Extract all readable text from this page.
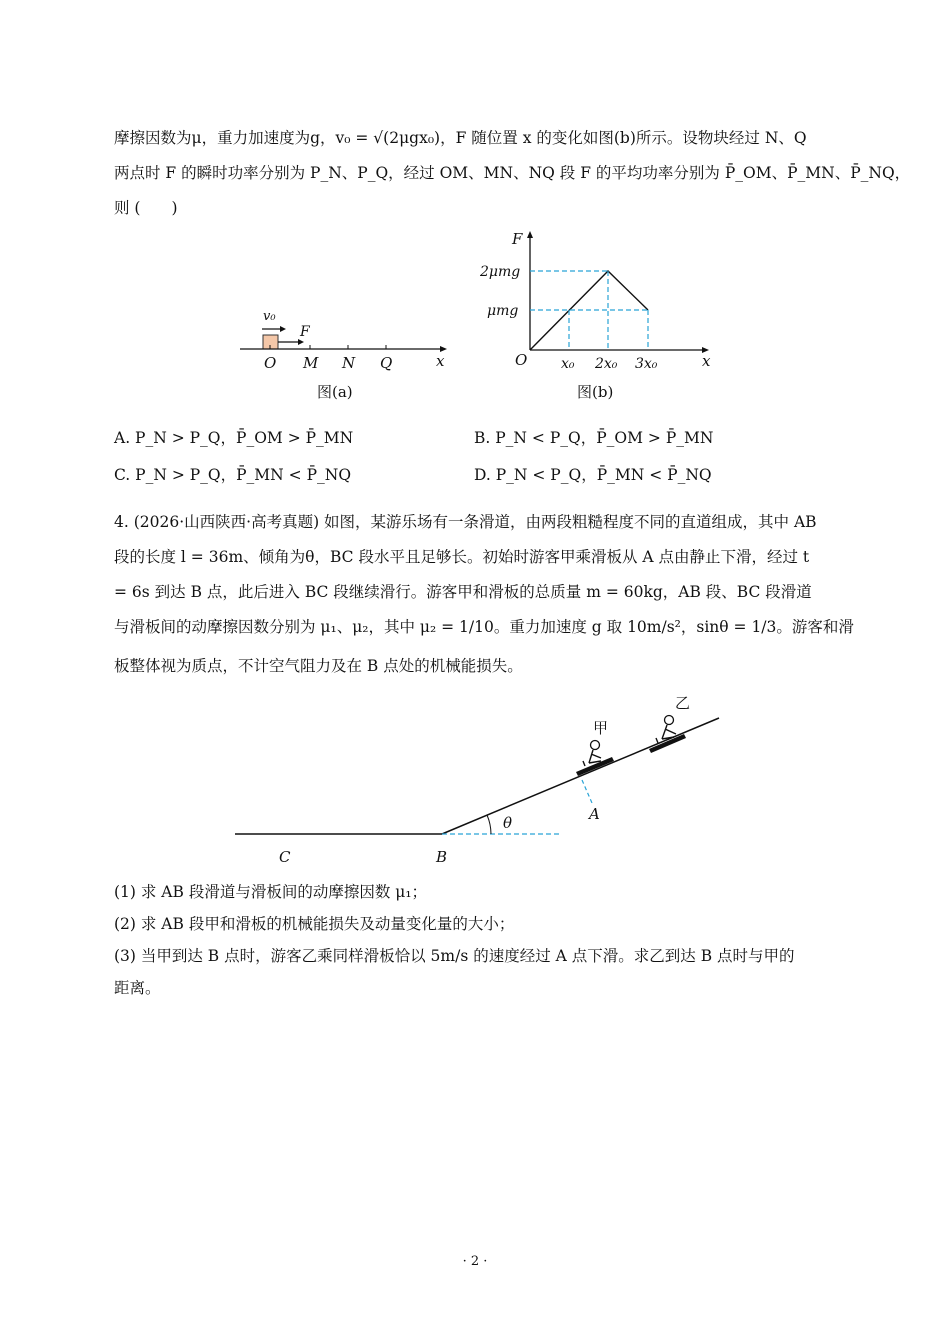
摩擦因数为μ，重力加速度为g，v₀ = √(2μgx₀)，F 随位置 x 的变化如图(b)所示。设物块经过 N、Q
两点时 F 的瞬时功率分别为 P_N、P_Q，经过 OM、MN、NQ 段 F 的平均功率分别为 P̄_OM、P̄_MN、P̄_NQ，
则 (　　)
v₀
F
O M N Q	x
图(a)
F
2μmg
μmg
O x₀ 2x₀ 3x₀	x
图(b)
A. P_N > P_Q，P̄_OM > P̄_MN	B. P_N < P_Q，P̄_OM > P̄_MN
C. P_N > P_Q，P̄_MN < P̄_NQ	D. P_N < P_Q，P̄_MN < P̄_NQ
4. (2026·山西陕西·高考真题) 如图，某游乐场有一条滑道，由两段粗糙程度不同的直道组成，其中 AB
段的长度 l = 36m、倾角为θ，BC 段水平且足够长。初始时游客甲乘滑板从 A 点由静止下滑，经过 t
= 6s 到达 B 点，此后进入 BC 段继续滑行。游客甲和滑板的总质量 m = 60kg，AB 段、BC 段滑道
与滑板间的动摩擦因数分别为 μ₁、μ₂，其中 μ₂ = 1/10。重力加速度 g 取 10m/s²，sinθ = 1/3。游客和滑
板整体视为质点，不计空气阻力及在 B 点处的机械能损失。
甲
乙
A
B
C
θ
(1) 求 AB 段滑道与滑板间的动摩擦因数 μ₁；
(2) 求 AB 段甲和滑板的机械能损失及动量变化量的大小；
(3) 当甲到达 B 点时，游客乙乘同样滑板恰以 5m/s 的速度经过 A 点下滑。求乙到达 B 点时与甲的
距离。
· 2 ·
